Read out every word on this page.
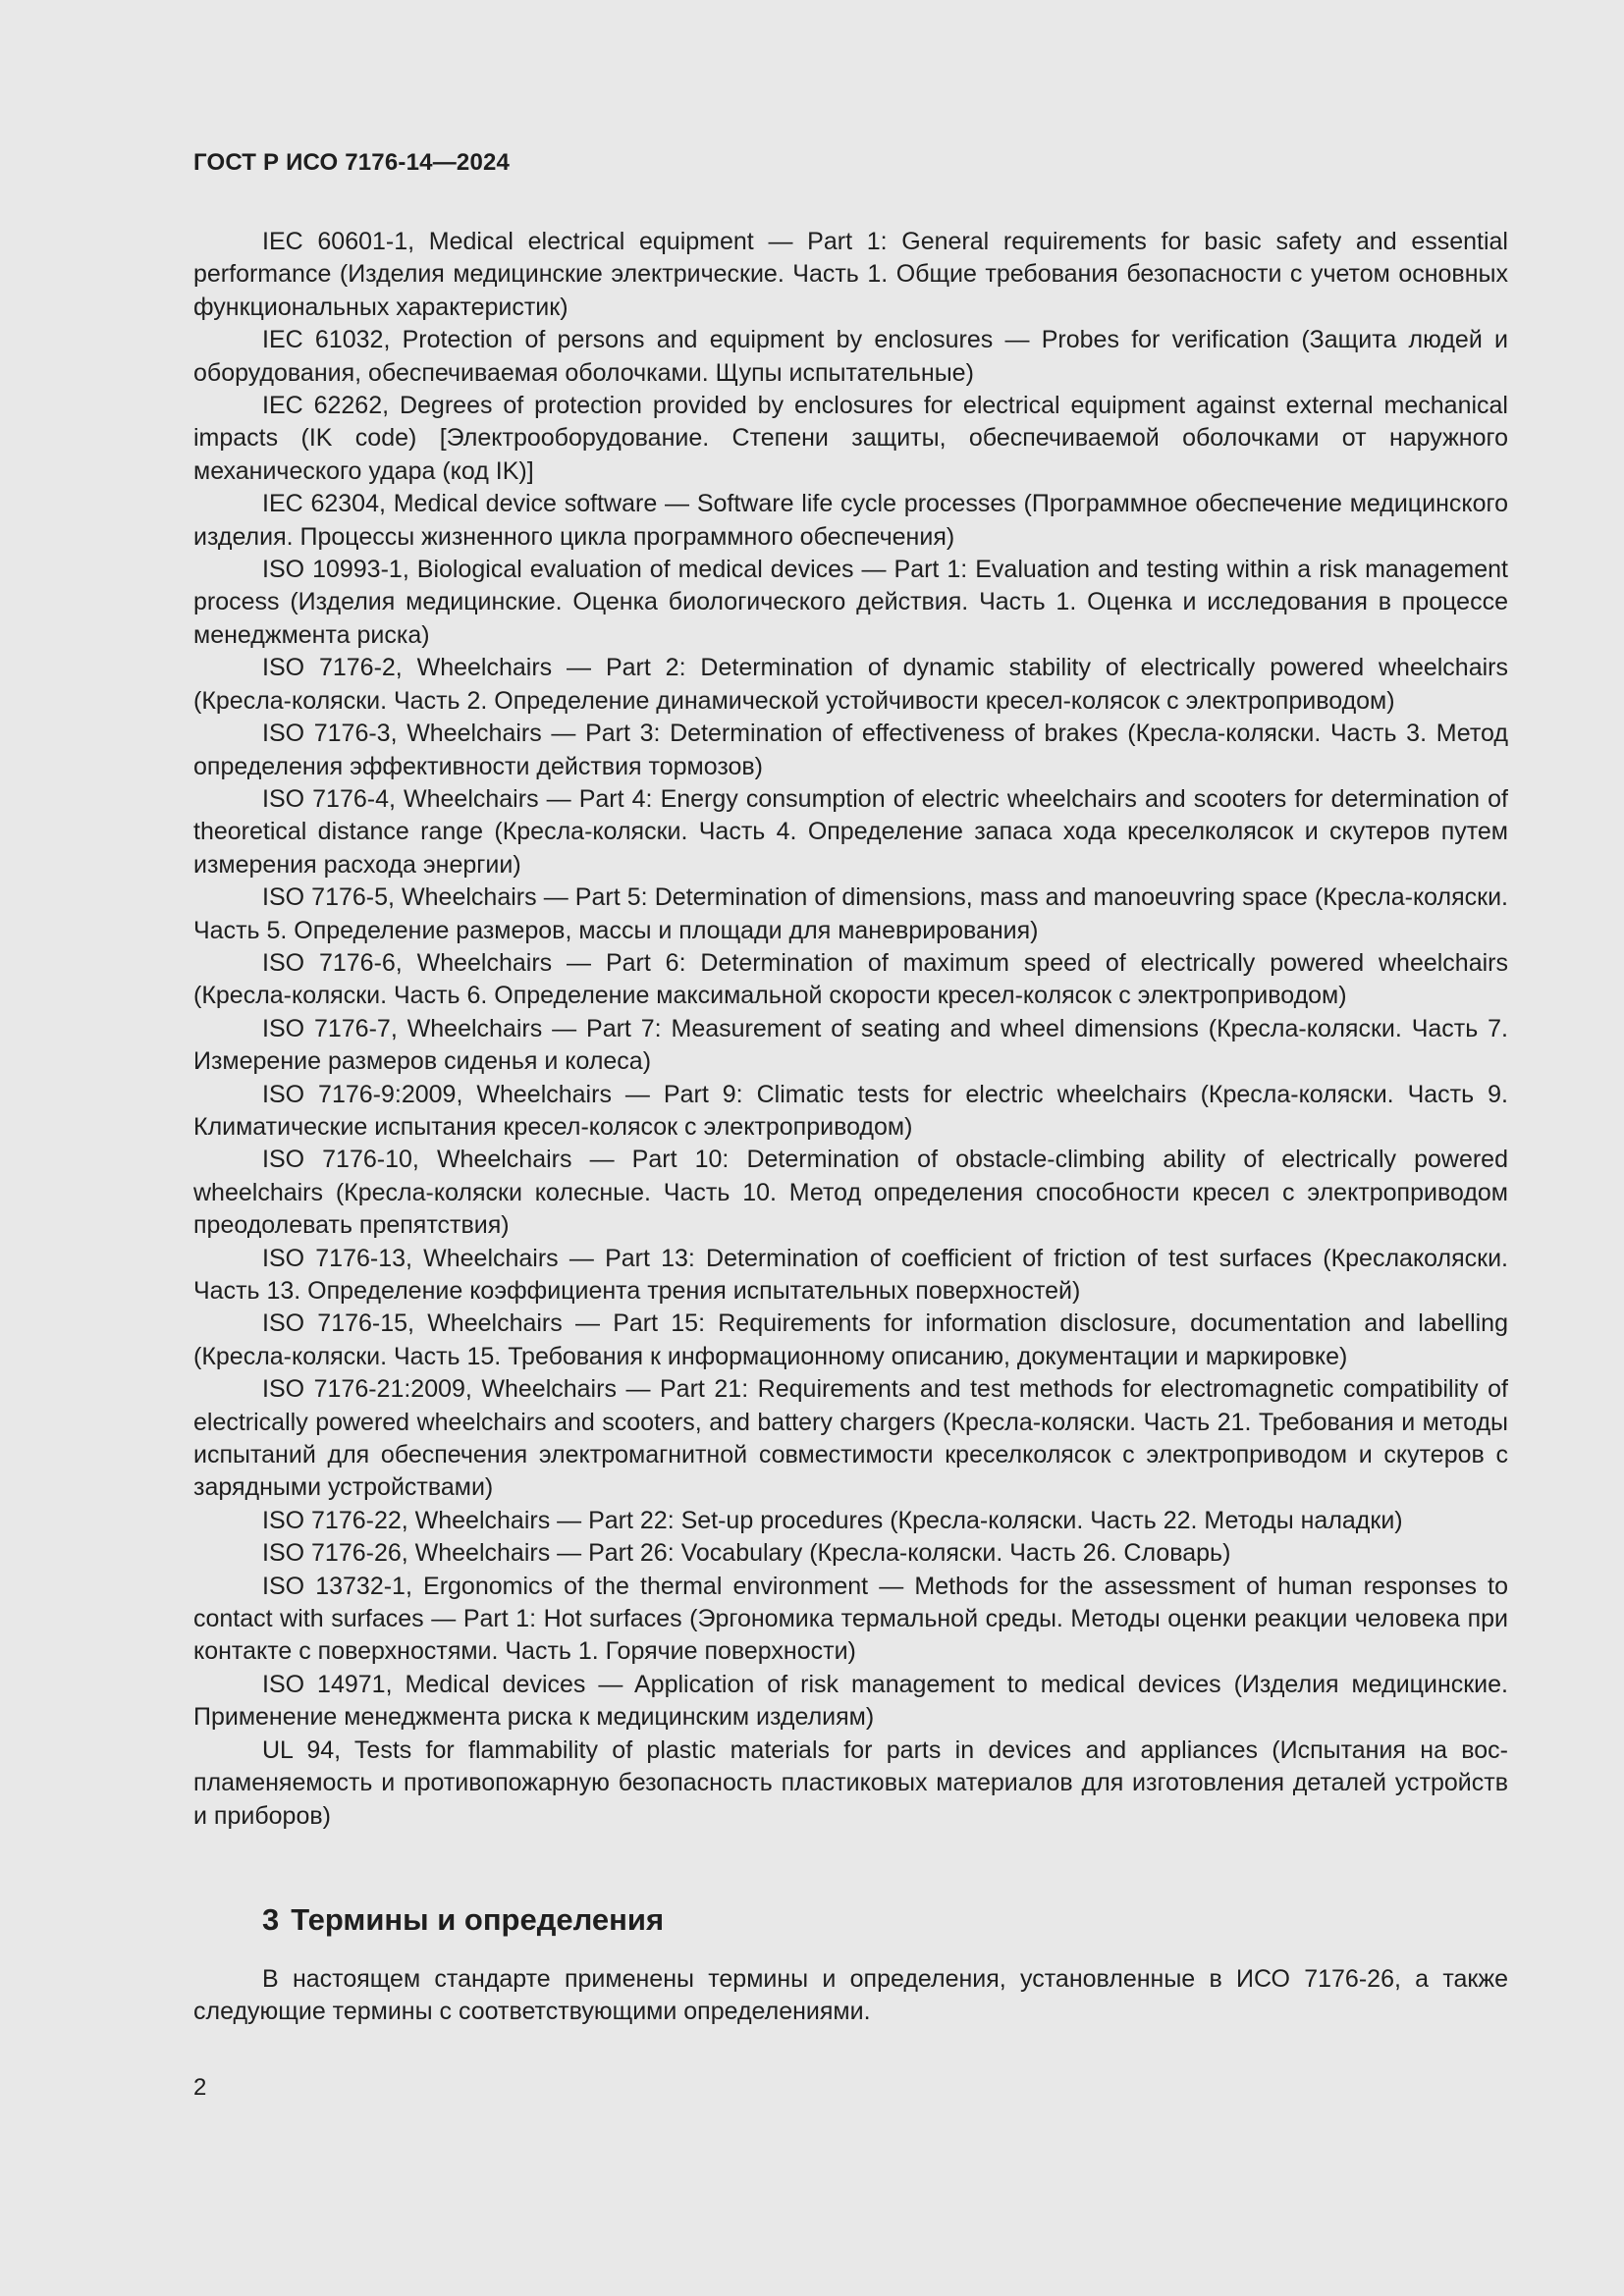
ГОСТ Р ИСО 7176-14—2024

IEC 60601-1, Medical electrical equipment — Part 1: General requirements for basic safety and essential performance (Изделия медицинские электрические. Часть 1. Общие требования безопасности с учетом основных функциональных характеристик)
IEC 61032, Protection of persons and equipment by enclosures — Probes for verification (Защита людей и оборудования, обеспечиваемая оболочками. Щупы испытательные)
IEC 62262, Degrees of protection provided by enclosures for electrical equipment against external mechanical impacts (IK code) [Электрооборудование. Степени защиты, обеспечиваемой оболочками от наружного механического удара (код IK)]
IEC 62304, Medical device software — Software life cycle processes (Программное обеспечение медицинского изделия. Процессы жизненного цикла программного обеспечения)
ISO 10993-1, Biological evaluation of medical devices — Part 1: Evaluation and testing within a risk management process (Изделия медицинские. Оценка биологического действия. Часть 1. Оценка и исследования в процессе менеджмента риска)
ISO 7176-2, Wheelchairs — Part 2: Determination of dynamic stability of electrically powered wheelchairs (Кресла-коляски. Часть 2. Определение динамической устойчивости кресел-колясок с электроприводом)
ISO 7176-3, Wheelchairs — Part 3: Determination of effectiveness of brakes (Кресла-коляски. Часть 3. Метод определения эффективности действия тормозов)
ISO 7176-4, Wheelchairs — Part 4: Energy consumption of electric wheelchairs and scooters for determination of theoretical distance range (Кресла-коляски. Часть 4. Определение запаса хода креселколясок и скутеров путем измерения расхода энергии)
ISO 7176-5, Wheelchairs — Part 5: Determination of dimensions, mass and manoeuvring space (Кресла-коляски. Часть 5. Определение размеров, массы и площади для маневрирования)
ISO 7176-6, Wheelchairs — Part 6: Determination of maximum speed of electrically powered wheelchairs (Кресла-коляски. Часть 6. Определение максимальной скорости кресел-колясок с электроприводом)
ISO 7176-7, Wheelchairs — Part 7: Measurement of seating and wheel dimensions (Кресла-коляски. Часть 7. Измерение размеров сиденья и колеса)
ISO 7176-9:2009, Wheelchairs — Part 9: Climatic tests for electric wheelchairs (Кресла-коляски. Часть 9. Климатические испытания кресел-колясок с электроприводом)
ISO 7176-10, Wheelchairs — Part 10: Determination of obstacle-climbing ability of electrically powered wheelchairs (Кресла-коляски колесные. Часть 10. Метод определения способности кресел с электроприводом преодолевать препятствия)
ISO 7176-13, Wheelchairs — Part 13: Determination of coefficient of friction of test surfaces (Креслаколяски. Часть 13. Определение коэффициента трения испытательных поверхностей)
ISO 7176-15, Wheelchairs — Part 15: Requirements for information disclosure, documentation and labelling (Кресла-коляски. Часть 15. Требования к информационному описанию, документации и маркировке)
ISO 7176-21:2009, Wheelchairs — Part 21: Requirements and test methods for electromagnetic compatibility of electrically powered wheelchairs and scooters, and battery chargers (Кресла-коляски. Часть 21. Требования и методы испытаний для обеспечения электромагнитной совместимости креселколясок с электроприводом и скутеров с зарядными устройствами)
ISO 7176-22, Wheelchairs — Part 22: Set-up procedures (Кресла-коляски. Часть 22. Методы наладки)
ISO 7176-26, Wheelchairs — Part 26: Vocabulary (Кресла-коляски. Часть 26. Словарь)
ISO 13732-1, Ergonomics of the thermal environment — Methods for the assessment of human responses to contact with surfaces — Part 1: Hot surfaces (Эргономика термальной среды. Методы оценки реакции человека при контакте с поверхностями. Часть 1. Горячие поверхности)
ISO 14971, Medical devices — Application of risk management to medical devices (Изделия медицинские. Применение менеджмента риска к медицинским изделиям)
UL 94, Tests for flammability of plastic materials for parts in devices and appliances (Испытания на воспламеняемость и противопожарную безопасность пластиковых материалов для изготовления деталей устройств и приборов)
3 Термины и определения

В настоящем стандарте применены термины и определения, установленные в ИСО 7176-26, а также следующие термины с соответствующими определениями.

2
